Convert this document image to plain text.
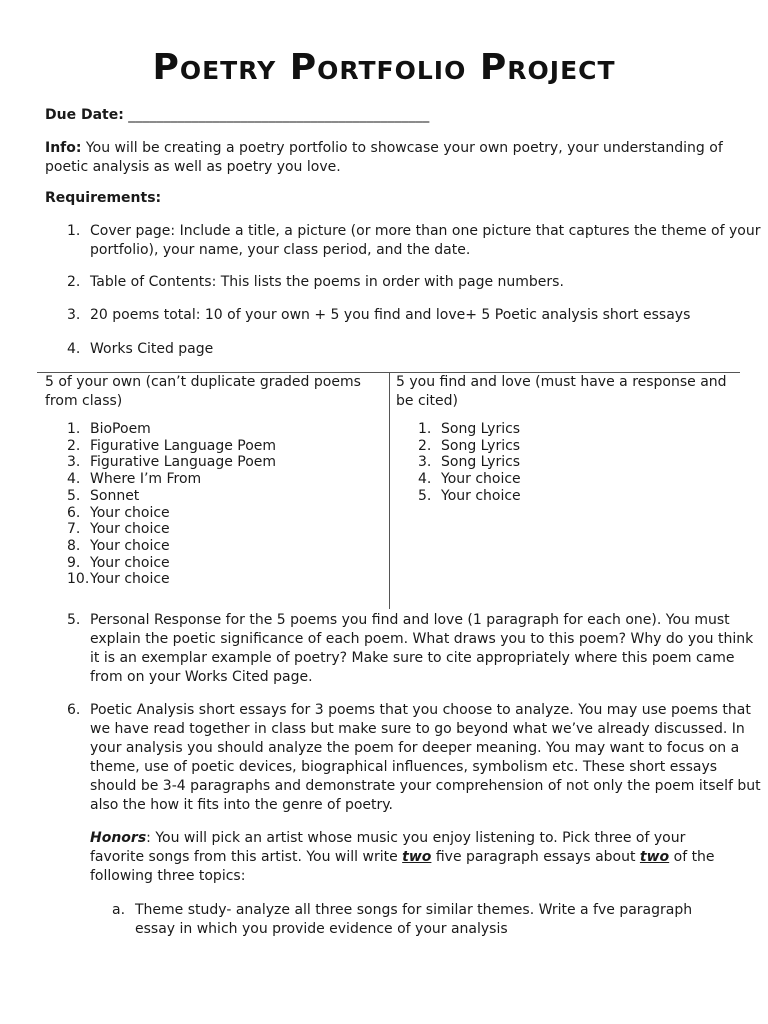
Poetry Portfolio Project
Due Date: ___________________________________________
Info: You will be creating a poetry portfolio to showcase your own poetry, your understanding of poetic analysis as well as poetry you love.
Requirements:
1. Cover page: Include a title, a picture (or more than one picture that captures the theme of your portfolio), your name, your class period, and the date.
2. Table of Contents: This lists the poems in order with page numbers.
3. 20 poems total: 10 of your own + 5 you find and love+ 5 Poetic analysis short essays
4. Works Cited page
5 of your own (can’t duplicate graded poems from class)
1. BioPoem
2. Figurative Language Poem
3. Figurative Language Poem
4. Where I’m From
5. Sonnet
6. Your choice
7. Your choice
8. Your choice
9. Your choice
10. Your choice
5 you find and love (must have a response and be cited)
1. Song Lyrics
2. Song Lyrics
3. Song Lyrics
4. Your choice
5. Your choice
5. Personal Response for the 5 poems you find and love (1 paragraph for each one). You must explain the poetic significance of each poem. What draws you to this poem? Why do you think it is an exemplar example of poetry? Make sure to cite appropriately where this poem came from on your Works Cited page.
6. Poetic Analysis short essays for 3 poems that you choose to analyze. You may use poems that we have read together in class but make sure to go beyond what we’ve already discussed. In your analysis you should analyze the poem for deeper meaning. You may want to focus on a theme, use of poetic devices, biographical influences, symbolism etc. These short essays should be 3-4 paragraphs and demonstrate your comprehension of not only the poem itself but also the how it fits into the genre of poetry.
Honors: You will pick an artist whose music you enjoy listening to. Pick three of your favorite songs from this artist. You will write two five paragraph essays about two of the following three topics:
a. Theme study- analyze all three songs for similar themes. Write a fve paragraph essay in which you provide evidence of your analysis
